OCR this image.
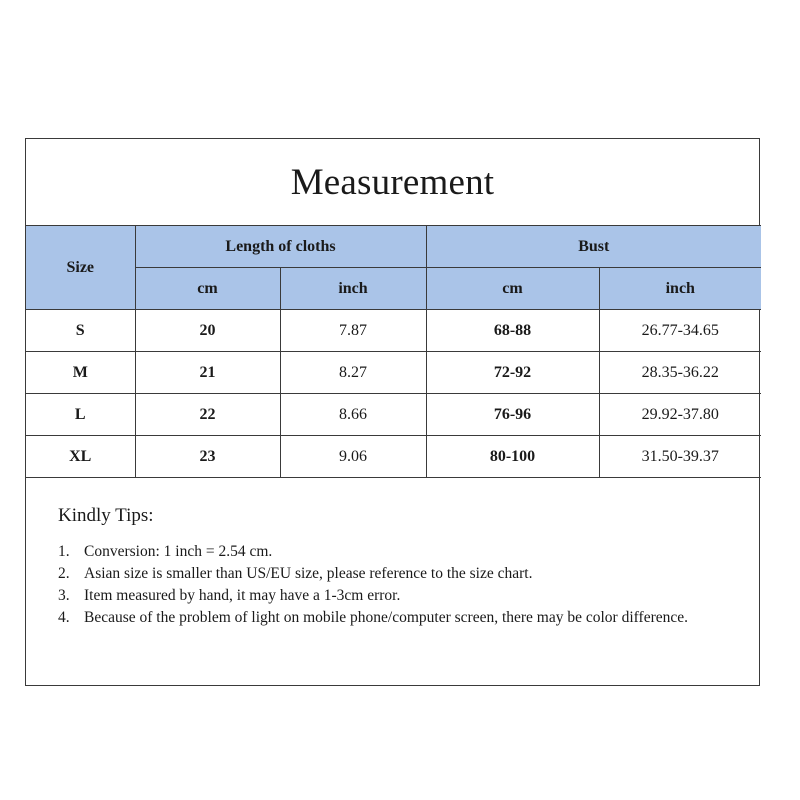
Measurement
Size	Length of cloths		Bust	
	cm	inch	cm	inch
S	20	7.87	68-88	26.77-34.65
M	21	8.27	72-92	28.35-36.22
L	22	8.66	76-96	29.92-37.80
XL	23	9.06	80-100	31.50-39.37
Kindly Tips:
1. Conversion: 1 inch = 2.54 cm.
2. Asian size is smaller than US/EU size, please reference to the size chart.
3. Item measured by hand, it may have a 1-3cm error.
4. Because of the problem of light on mobile phone/computer screen, there may be color difference.
